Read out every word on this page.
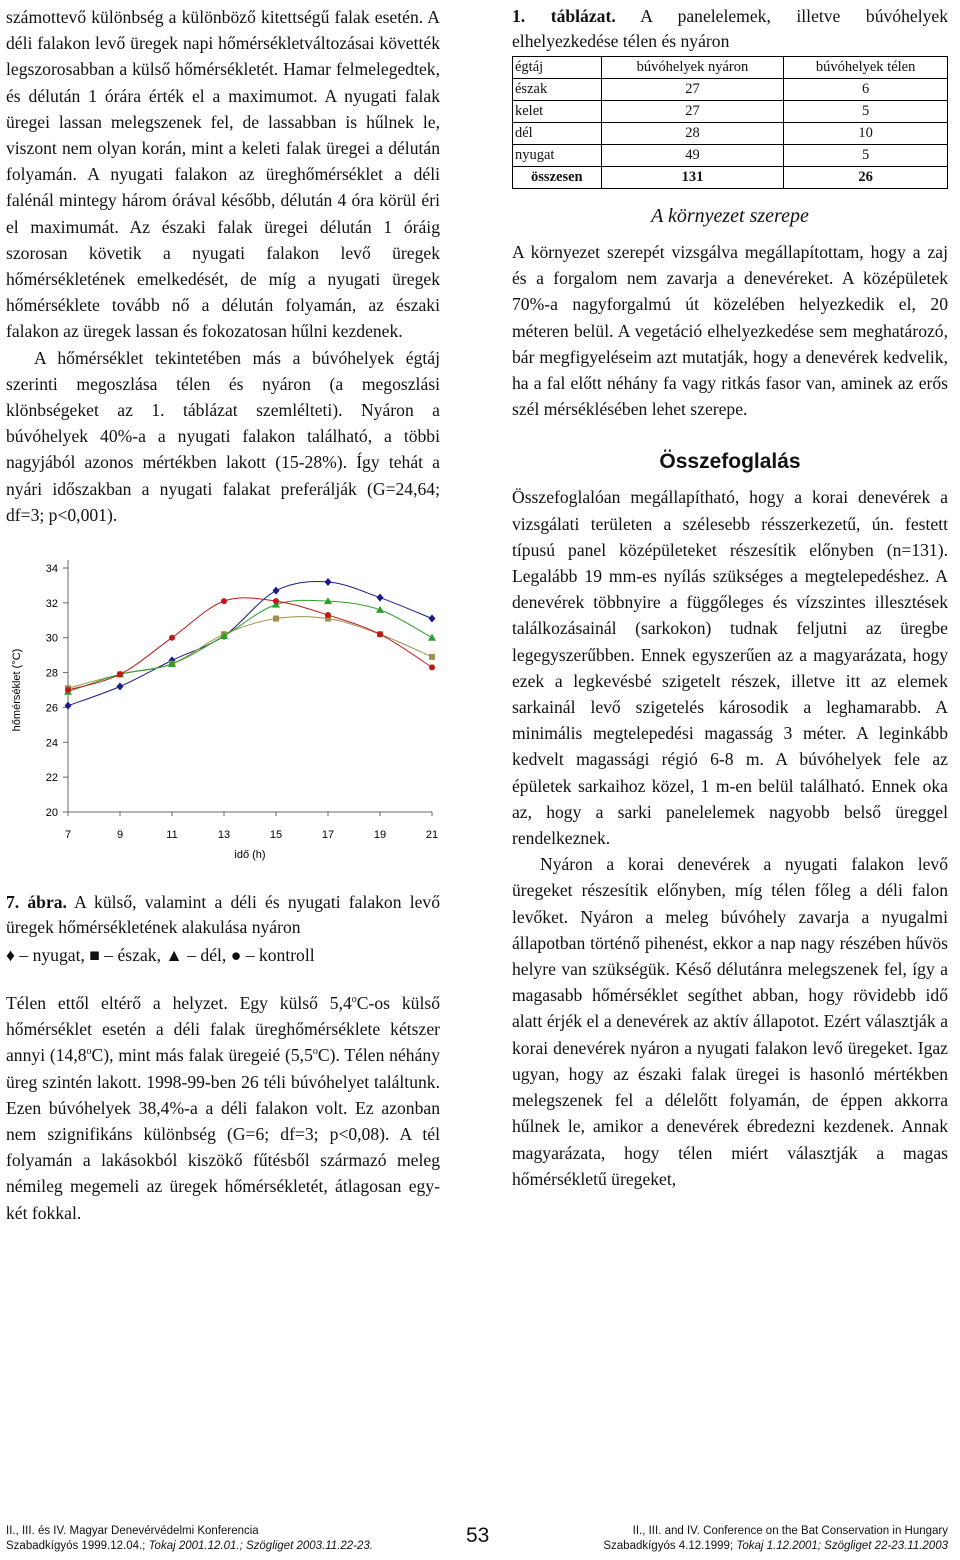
számottevő különbség a különböző kitettségű falak esetén. A déli falakon levő üregek napi hőmérsékletváltozásai követték legszorosabban a külső hőmérsékletét. Hamar felmelegedtek, és délután 1 órára érték el a maximumot. A nyugati falak üregei lassan melegszenek fel, de lassabban is hűlnek le, viszont nem olyan korán, mint a keleti falak üregei a délután folyamán. A nyugati falakon az üreghőmérséklet a déli falénál mintegy három órával később, délután 4 óra körül éri el maximumát. Az északi falak üregei délután 1 óráig szorosan követik a nyugati falakon levő üregek hőmérsékletének emelkedését, de míg a nyugati üregek hőmérséklete tovább nő a délután folyamán, az északi falakon az üregek lassan és fokozatosan hűlni kezdenek.

A hőmérséklet tekintetében más a búvóhelyek égtáj szerinti megoszlása télen és nyáron (a megoszlási klönbségeket az 1. táblázat szemlélteti). Nyáron a búvóhelyek 40%-a a nyugati falakon található, a többi nagyjából azonos mértékben lakott (15-28%). Így tehát a nyári időszakban a nyugati falakat preferálják (G=24,64; df=3; p<0,001).

20
22
24
26
28
30
32
34
7	9	11	13	15	17	19	21
idő (h)
hőmérséklet (°C)

7. ábra. A külső, valamint a déli és nyugati falakon levő üregek hőmérsékletének alakulása nyáron

♦ – nyugat, ■ – észak, ▲ – dél, ● – kontroll

Télen ettől eltérő a helyzet. Egy külső 5,4$^o$C-os külső hőmérséklet esetén a déli falak üreghőmérséklete kétszer annyi (14,8$^o$C), mint más falak üregeié (5,5$^o$C). Télen néhány üreg szintén lakott. 1998-99-ben 26 téli búvóhelyet találtunk. Ezen búvóhelyek 38,4%-a a déli falakon volt. Ez azonban nem szignifikáns különbség (G=6; df=3; p<0,08). A tél folyamán a lakásokból kiszökő fűtésből származó meleg némileg megemeli az üregek hőmérsékletét, átlagosan egy-két fokkal.

1. táblázat. A panelelemek, illetve búvóhelyek elhelyezkedése télen és nyáron

égtáj	búvóhelyek nyáron	búvóhelyek télen
észak	27	6
kelet	27	5
dél	28	10
nyugat	49	5
összesen	131	26
A környezet szerepe

A környezet szerepét vizsgálva megállapítottam, hogy a zaj és a forgalom nem zavarja a denevéreket. A középületek 70%-a nagyforgalmú út közelében helyezkedik el, 20 méteren belül. A vegetáció elhelyezkedése sem meghatározó, bár megfigyeléseim azt mutatják, hogy a denevérek kedvelik, ha a fal előtt néhány fa vagy ritkás fasor van, aminek az erős szél mérséklésében lehet szerepe.

Összefoglalás

Összefoglalóan megállapítható, hogy a korai denevérek a vizsgálati területen a szélesebb résszerkezetű, ún. festett típusú panel középületeket részesítik előnyben (n=131). Legalább 19 mm-es nyílás szükséges a megtelepedéshez. A denevérek többnyire a függőleges és vízszintes illesztések találkozásainál (sarkokon) tudnak feljutni az üregbe legegyszerűbben. Ennek egyszerűen az a magyarázata, hogy ezek a legkevésbé szigetelt részek, illetve itt az elemek sarkainál levő szigetelés károsodik a leghamarabb. A minimális megtelepedési magasság 3 méter. A leginkább kedvelt magassági régió 6-8 m. A búvóhelyek fele az épületek sarkaihoz közel, 1 m-en belül található. Ennek oka az, hogy a sarki panelelemek nagyobb belső üreggel rendelkeznek.

Nyáron a korai denevérek a nyugati falakon levő üregeket részesítik előnyben, míg télen főleg a déli falon levőket. Nyáron a meleg búvóhely zavarja a nyugalmi állapotban történő pihenést, ekkor a nap nagy részében hűvös helyre van szükségük. Késő délutánra melegszenek fel, így a magasabb hőmérséklet segíthet abban, hogy rövidebb idő alatt érjék el a denevérek az aktív állapotot. Ezért választják a korai denevérek nyáron a nyugati falakon levő üregeket. Igaz ugyan, hogy az északi falak üregei is hasonló mértékben melegszenek fel a délelőtt folyamán, de éppen akkorra hűlnek le, amikor a denevérek ébredezni kezdenek. Annak magyarázata, hogy télen miért választják a magas hőmérsékletű üregeket,

II., III. és IV. Magyar Denevérvédelmi Konferencia
Szabadkígyós 1999.12.04.; Tokaj 2001.12.01.; Szögliget 2003.11.22-23.	53	II., III. and IV. Conference on the Bat Conservation in Hungary
Szabadkígyós 4.12.1999; Tokaj 1.12.2001; Szögliget 22-23.11.2003
